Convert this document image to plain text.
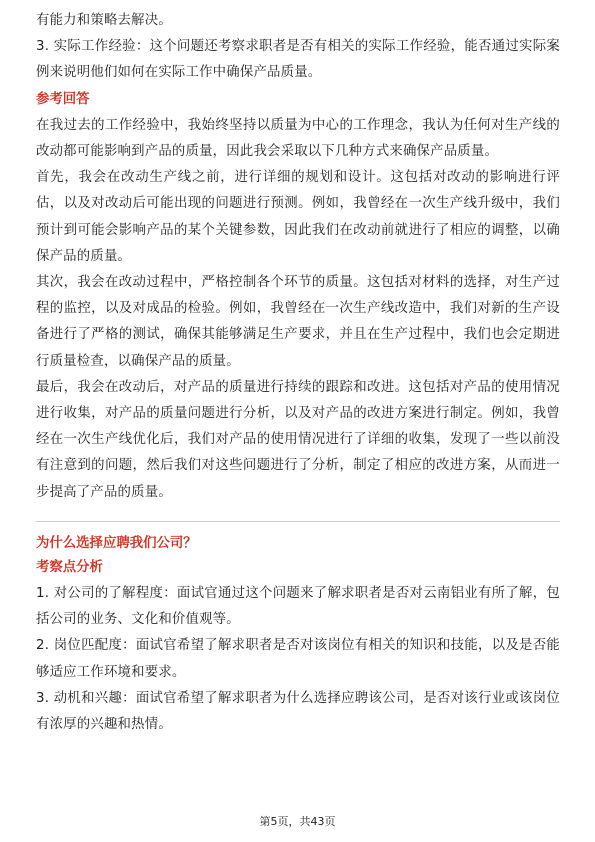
有能力和策略去解决。

3. 实际工作经验：这个问题还考察求职者是否有相关的实际工作经验，能否通过实际案例来说明他们如何在实际工作中确保产品质量。

参考回答

在我过去的工作经验中，我始终坚持以质量为中心的工作理念，我认为任何对生产线的改动都可能影响到产品的质量，因此我会采取以下几种方式来确保产品质量。

首先，我会在改动生产线之前，进行详细的规划和设计。这包括对改动的影响进行评估，以及对改动后可能出现的问题进行预测。例如，我曾经在一次生产线升级中，我们预计到可能会影响产品的某个关键参数，因此我们在改动前就进行了相应的调整，以确保产品的质量。

其次，我会在改动过程中，严格控制各个环节的质量。这包括对材料的选择，对生产过程的监控，以及对成品的检验。例如，我曾经在一次生产线改造中，我们对新的生产设备进行了严格的测试，确保其能够满足生产要求，并且在生产过程中，我们也会定期进行质量检查，以确保产品的质量。

最后，我会在改动后，对产品的质量进行持续的跟踪和改进。这包括对产品的使用情况进行收集，对产品的质量问题进行分析，以及对产品的改进方案进行制定。例如，我曾经在一次生产线优化后，我们对产品的使用情况进行了详细的收集，发现了一些以前没有注意到的问题，然后我们对这些问题进行了分析，制定了相应的改进方案，从而进一步提高了产品的质量。

为什么选择应聘我们公司？

考察点分析

1. 对公司的了解程度：面试官通过这个问题来了解求职者是否对云南铝业有所了解，包括公司的业务、文化和价值观等。

2. 岗位匹配度：面试官希望了解求职者是否对该岗位有相关的知识和技能，以及是否能够适应工作环境和要求。

3. 动机和兴趣：面试官希望了解求职者为什么选择应聘该公司，是否对该行业或该岗位有浓厚的兴趣和热情。

第5页，共43页
